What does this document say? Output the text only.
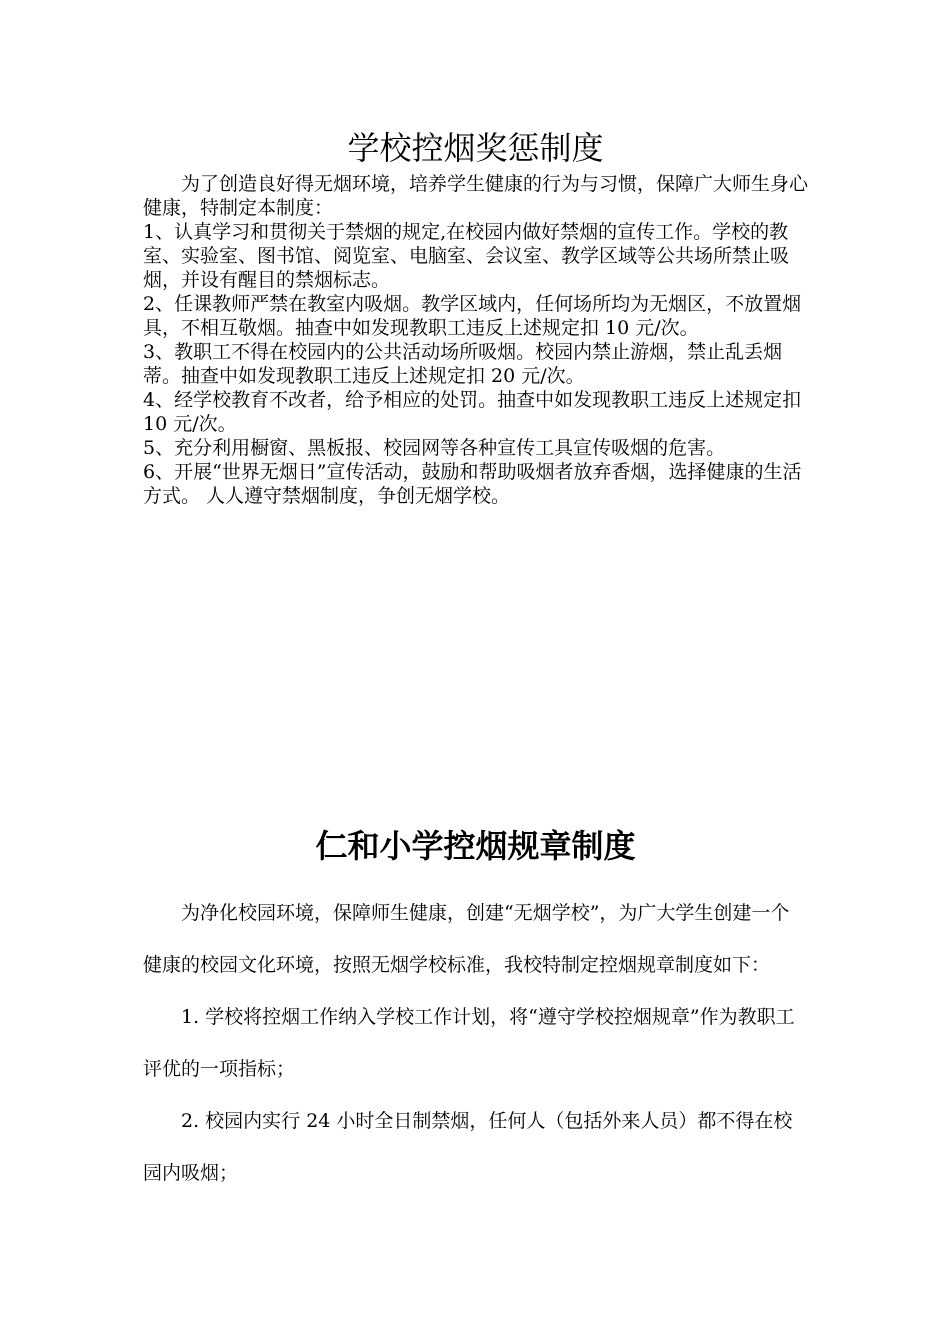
学校控烟奖惩制度

为了创造良好得无烟环境，培养学生健康的行为与习惯，保障广大师生身心健康，特制定本制度：

1、认真学习和贯彻关于禁烟的规定,在校园内做好禁烟的宣传工作。学校的教室、实验室、图书馆、阅览室、电脑室、会议室、教学区域等公共场所禁止吸烟，并设有醒目的禁烟标志。

2、任课教师严禁在教室内吸烟。教学区域内，任何场所均为无烟区，不放置烟具，不相互敬烟。抽查中如发现教职工违反上述规定扣 10 元/次。

3、教职工不得在校园内的公共活动场所吸烟。校园内禁止游烟，禁止乱丢烟蒂。抽查中如发现教职工违反上述规定扣 20 元/次。

4、经学校教育不改者，给予相应的处罚。抽查中如发现教职工违反上述规定扣 10 元/次。

5、充分利用橱窗、黑板报、校园网等各种宣传工具宣传吸烟的危害。

6、开展“世界无烟日”宣传活动，鼓励和帮助吸烟者放弃香烟，选择健康的生活方式。 人人遵守禁烟制度，争创无烟学校。

仁和小学控烟规章制度

为净化校园环境，保障师生健康，创建“无烟学校”，为广大学生创建一个健康的校园文化环境，按照无烟学校标准，我校特制定控烟规章制度如下：

1. 学校将控烟工作纳入学校工作计划，将“遵守学校控烟规章”作为教职工评优的一项指标；

2. 校园内实行 24 小时全日制禁烟，任何人（包括外来人员）都不得在校园内吸烟；
